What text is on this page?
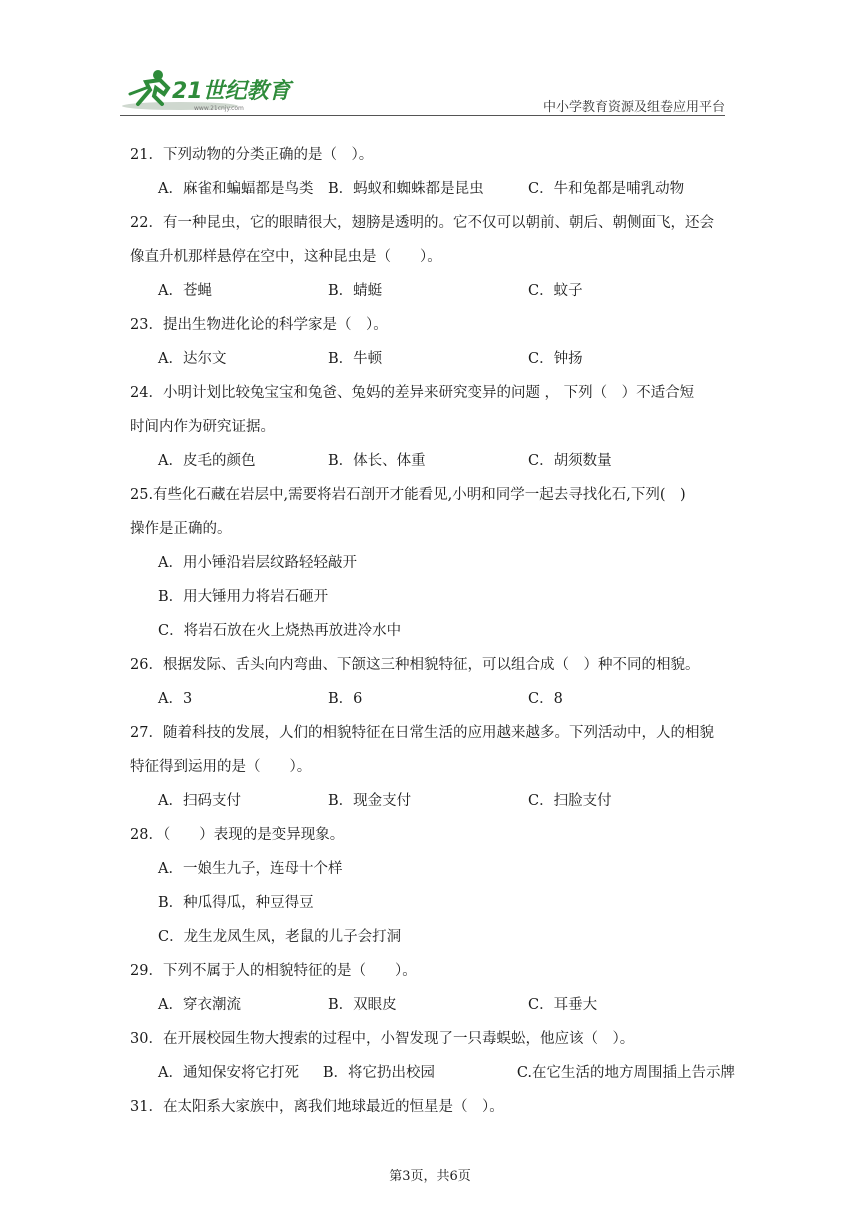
21世纪教育
www.21cnjy.com	中小学教育资源及组卷应用平台
21．下列动物的分类正确的是（　）。
A．麻雀和蝙蝠都是鸟类	B．蚂蚁和蜘蛛都是昆虫	C．牛和兔都是哺乳动物
22．有一种昆虫，它的眼睛很大，翅膀是透明的。它不仅可以朝前、朝后、朝侧面飞，还会
像直升机那样悬停在空中，这种昆虫是（　　）。
A．苍蝇	B．蜻蜓	C．蚊子
23．提出生物进化论的科学家是（　）。
A．达尔文	B．牛顿	C．钟扬
24．小明计划比较兔宝宝和兔爸、兔妈的差异来研究变异的问题 ， 下列（　）不适合短
时间内作为研究证据。
A．皮毛的颜色	B．体长、体重	C．胡须数量
25.有些化石藏在岩层中,需要将岩石剖开才能看见,小明和同学一起去寻找化石,下列(　)
操作是正确的。
A．用小锤沿岩层纹路轻轻敲开
B．用大锤用力将岩石砸开
C．将岩石放在火上烧热再放进冷水中
26．根据发际、舌头向内弯曲、下颌这三种相貌特征，可以组合成（　）种不同的相貌。
A．3	B．6	C．8
27．随着科技的发展，人们的相貌特征在日常生活的应用越来越多。下列活动中，人的相貌
特征得到运用的是（　　）。
A．扫码支付	B．现金支付	C．扫脸支付
28．（　　）表现的是变异现象。
A．一娘生九子，连母十个样
B．种瓜得瓜，种豆得豆
C．龙生龙凤生凤，老鼠的儿子会打洞
29．下列不属于人的相貌特征的是（　　）。
A．穿衣潮流	B．双眼皮	C．耳垂大
30．在开展校园生物大搜索的过程中，小智发现了一只毒蜈蚣，他应该（　）。
A．通知保安将它打死	B．将它扔出校园	C.在它生活的地方周围插上告示牌
31．在太阳系大家族中，离我们地球最近的恒星是（　）。
第3页，共6页
